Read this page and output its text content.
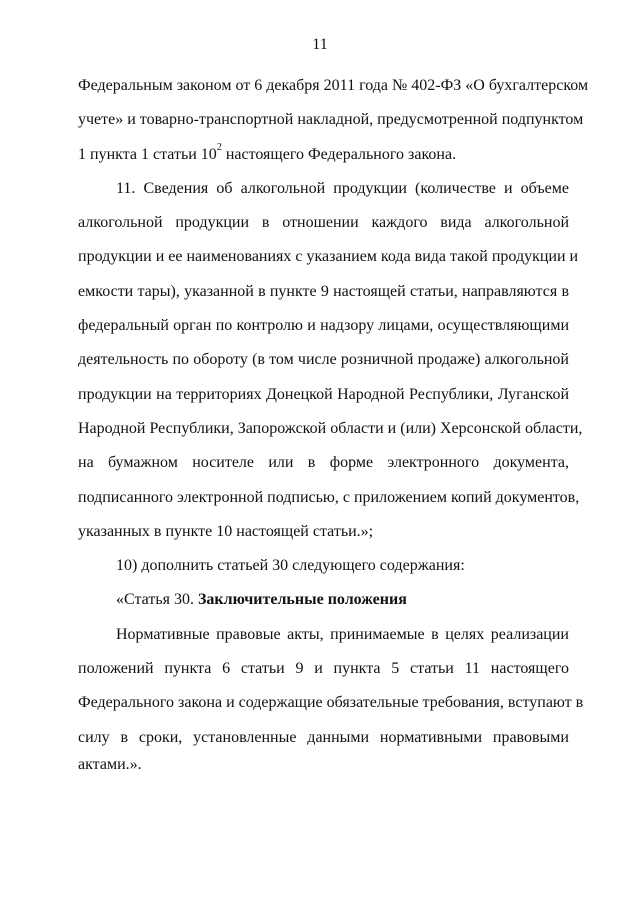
11
Федеральным законом от 6 декабря 2011 года № 402-ФЗ «О бухгалтерском
учете» и товарно-транспортной накладной, предусмотренной подпунктом
1 пункта 1 статьи $10^2$ настоящего Федерального закона.
11. Сведения об алкогольной продукции (количестве и объеме
алкогольной продукции в отношении каждого вида алкогольной
продукции и ее наименованиях с указанием кода вида такой продукции и
емкости тары), указанной в пункте 9 настоящей статьи, направляются в
федеральный орган по контролю и надзору лицами, осуществляющими
деятельность по обороту (в том числе розничной продаже) алкогольной
продукции на территориях Донецкой Народной Республики, Луганской
Народной Республики, Запорожской области и (или) Херсонской области,
на бумажном носителе или в форме электронного документа,
подписанного электронной подписью, с приложением копий документов,
указанных в пункте 10 настоящей статьи.»;
10) дополнить статьей 30 следующего содержания:
«Статья 30. Заключительные положения
Нормативные правовые акты, принимаемые в целях реализации
положений пункта 6 статьи 9 и пункта 5 статьи 11 настоящего
Федерального закона и содержащие обязательные требования, вступают в
силу в сроки, установленные данными нормативными правовыми
актами.».
